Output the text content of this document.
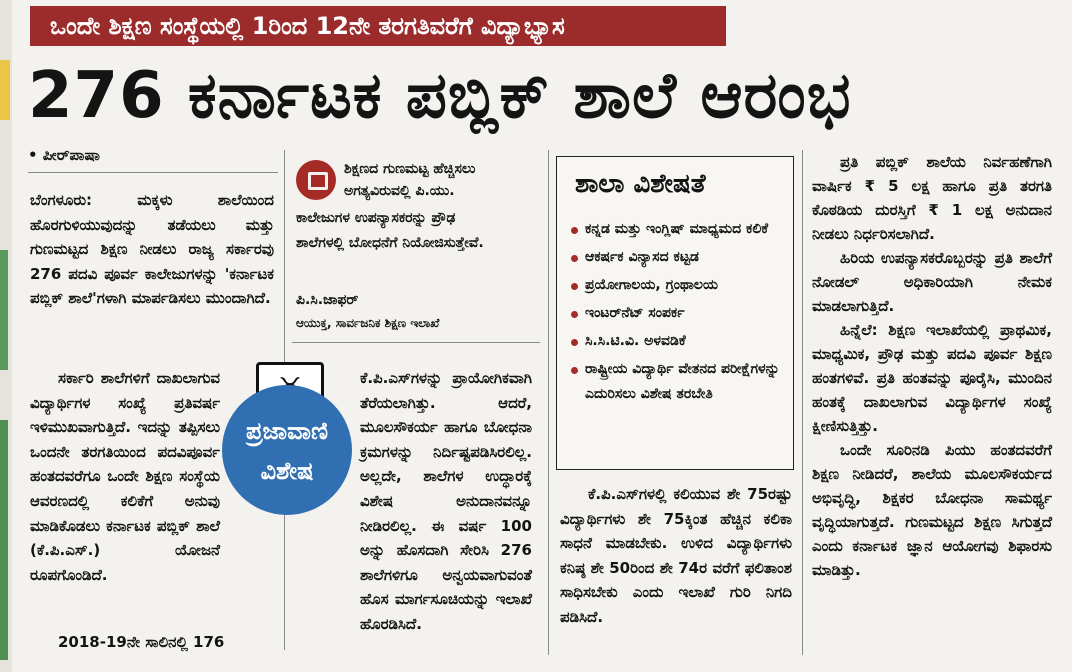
ಒಂದೇ ಶಿಕ್ಷಣ ಸಂಸ್ಥೆಯಲ್ಲಿ 1ರಿಂದ 12ನೇ ತರಗತಿವರೆಗೆ ವಿದ್ಯಾಭ್ಯಾಸ
276 ಕರ್ನಾಟಕ ಪಬ್ಲಿಕ್ ಶಾಲೆ ಆರಂಭ
• ಪೀರ್‌ಪಾಷಾ

ಬೆಂಗಳೂರು: ಮಕ್ಕಳು ಶಾಲೆಯಿಂದ ಹೊರಗುಳಿಯುವುದನ್ನು ತಡೆಯಲು ಮತ್ತು ಗುಣಮಟ್ಟದ ಶಿಕ್ಷಣ ನೀಡಲು ರಾಜ್ಯ ಸರ್ಕಾರವು 276 ಪದವಿ ಪೂರ್ವ ಕಾಲೇಜುಗಳನ್ನು 'ಕರ್ನಾಟಕ ಪಬ್ಲಿಕ್ ಶಾಲೆ'ಗಳಾಗಿ ಮಾರ್ಪಡಿಸಲು ಮುಂದಾಗಿದೆ.

ಸರ್ಕಾರಿ ಶಾಲೆಗಳಿಗೆ ದಾಖಲಾಗುವ ವಿದ್ಯಾರ್ಥಿಗಳ ಸಂಖ್ಯೆ ಪ್ರತಿವರ್ಷ ಇಳಿಮುಖವಾಗುತ್ತಿದೆ. ಇದನ್ನು ತಪ್ಪಿಸಲು ಒಂದನೇ ತರಗತಿಯಿಂದ ಪದವಿಪೂರ್ವ ಹಂತದವರೆಗೂ ಒಂದೇ ಶಿಕ್ಷಣ ಸಂಸ್ಥೆಯ ಆವರಣದಲ್ಲಿ ಕಲಿಕೆಗೆ ಅನುವು ಮಾಡಿಕೊಡಲು ಕರ್ನಾಟಕ ಪಬ್ಲಿಕ್ ಶಾಲೆ (ಕೆ.ಪಿ.ಎಸ್.) ಯೋಜನೆ ರೂಪಗೊಂಡಿದೆ.

2018-19ನೇ ಸಾಲಿನಲ್ಲಿ 176

ಶಿಕ್ಷಣದ ಗುಣಮಟ್ಟ ಹೆಚ್ಚಿಸಲು ಅಗತ್ಯವಿರುವಲ್ಲಿ ಪಿ.ಯು.
ಕಾಲೇಜುಗಳ ಉಪನ್ಯಾಸಕರನ್ನು ಪ್ರೌಢ ಶಾಲೆಗಳಲ್ಲಿ ಬೋಧನೆಗೆ ನಿಯೋಜಿಸುತ್ತೇವೆ.
ಪಿ.ಸಿ.ಜಾಫರ್
ಆಯುಕ್ತ, ಸಾರ್ವಜನಿಕ ಶಿಕ್ಷಣ ಇಲಾಖೆ
ಪ್ರಜಾವಾಣಿ
ವಿಶೇಷ

ಕೆ.ಪಿ.ಎಸ್‌ಗಳನ್ನು ಪ್ರಾಯೋಗಿಕವಾಗಿ ತೆರೆಯಲಾಗಿತ್ತು. ಆದರೆ, ಮೂಲಸೌಕರ್ಯ ಹಾಗೂ ಬೋಧನಾ ಕ್ರಮಗಳನ್ನು ನಿರ್ದಿಷ್ಟಪಡಿಸಿರಲಿಲ್ಲ. ಅಲ್ಲದೇ, ಶಾಲೆಗಳ ಉದ್ಧಾರಕ್ಕೆ ವಿಶೇಷ ಅನುದಾನವನ್ನೂ ನೀಡಿರಲಿಲ್ಲ. ಈ ವರ್ಷ 100 ಅನ್ನು ಹೊಸದಾಗಿ ಸೇರಿಸಿ 276 ಶಾಲೆಗಳಿಗೂ ಅನ್ವಯವಾಗುವಂತೆ ಹೊಸ ಮಾರ್ಗಸೂಚಿಯನ್ನು ಇಲಾಖೆ ಹೊರಡಿಸಿದೆ.

ಶಾಲಾ ವಿಶೇಷತೆ
ಕನ್ನಡ ಮತ್ತು ಇಂಗ್ಲಿಷ್ ಮಾಧ್ಯಮದ ಕಲಿಕೆ
ಆಕರ್ಷಕ ವಿನ್ಯಾಸದ ಕಟ್ಟಡ
ಪ್ರಯೋಗಾಲಯ, ಗ್ರಂಥಾಲಯ
ಇಂಟರ್‌ನೆಟ್ ಸಂಪರ್ಕ
ಸಿ.ಸಿ.ಟಿ.ವಿ. ಅಳವಡಿಕೆ
ರಾಷ್ಟ್ರೀಯ ವಿದ್ಯಾರ್ಥಿ ವೇತನದ ಪರೀಕ್ಷೆಗಳನ್ನು ಎದುರಿಸಲು ವಿಶೇಷ ತರಬೇತಿ

ಕೆ.ಪಿ.ಎಸ್‌ಗಳಲ್ಲಿ ಕಲಿಯುವ ಶೇ 75ರಷ್ಟು ವಿದ್ಯಾರ್ಥಿಗಳು ಶೇ 75ಕ್ಕಿಂತ ಹೆಚ್ಚಿನ ಕಲಿಕಾ ಸಾಧನೆ ಮಾಡಬೇಕು. ಉಳಿದ ವಿದ್ಯಾರ್ಥಿಗಳು ಕನಿಷ್ಠ ಶೇ 50ರಿಂದ ಶೇ 74ರ ವರೆಗೆ ಫಲಿತಾಂಶ ಸಾಧಿಸಬೇಕು ಎಂದು ಇಲಾಖೆ ಗುರಿ ನಿಗದಿ ಪಡಿಸಿದೆ.

ಪ್ರತಿ ಪಬ್ಲಿಕ್ ಶಾಲೆಯ ನಿರ್ವಹಣೆಗಾಗಿ ವಾರ್ಷಿಕ ₹ 5 ಲಕ್ಷ ಹಾಗೂ ಪ್ರತಿ ತರಗತಿ ಕೊಠಡಿಯ ದುರಸ್ತಿಗೆ ₹ 1 ಲಕ್ಷ ಅನುದಾನ ನೀಡಲು ನಿರ್ಧರಿಸಲಾಗಿದೆ.

ಹಿರಿಯ ಉಪನ್ಯಾಸಕರೊಬ್ಬರನ್ನು ಪ್ರತಿ ಶಾಲೆಗೆ ನೋಡಲ್ ಅಧಿಕಾರಿಯಾಗಿ ನೇಮಕ ಮಾಡಲಾಗುತ್ತಿದೆ.

ಹಿನ್ನೆಲೆ: ಶಿಕ್ಷಣ ಇಲಾಖೆಯಲ್ಲಿ ಪ್ರಾಥಮಿಕ, ಮಾಧ್ಯಮಿಕ, ಪ್ರೌಢ ಮತ್ತು ಪದವಿ ಪೂರ್ವ ಶಿಕ್ಷಣ ಹಂತಗಳಿವೆ. ಪ್ರತಿ ಹಂತವನ್ನು ಪೂರೈಸಿ, ಮುಂದಿನ ಹಂತಕ್ಕೆ ದಾಖಲಾಗುವ ವಿದ್ಯಾರ್ಥಿಗಳ ಸಂಖ್ಯೆ ಕ್ಷೀಣಿಸುತ್ತಿತ್ತು.

ಒಂದೇ ಸೂರಿನಡಿ ಪಿಯು ಹಂತದವರೆಗೆ ಶಿಕ್ಷಣ ನೀಡಿದರೆ, ಶಾಲೆಯ ಮೂಲಸೌಕರ್ಯದ ಅಭಿವೃದ್ಧಿ, ಶಿಕ್ಷಕರ ಬೋಧನಾ ಸಾಮರ್ಥ್ಯ ವೃದ್ಧಿಯಾಗುತ್ತದೆ. ಗುಣಮಟ್ಟದ ಶಿಕ್ಷಣ ಸಿಗುತ್ತದೆ ಎಂದು ಕರ್ನಾಟಕ ಜ್ಞಾನ ಆಯೋಗವು ಶಿಫಾರಸು ಮಾಡಿತ್ತು.
